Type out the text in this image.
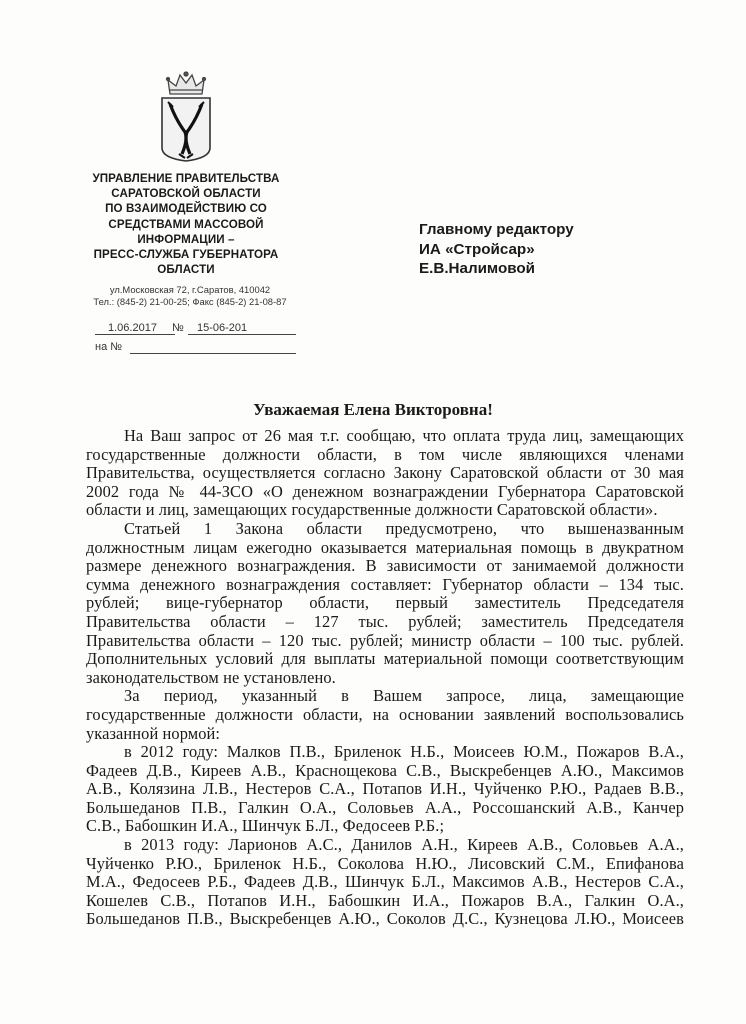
УПРАВЛЕНИЕ ПРАВИТЕЛЬСТВА
САРАТОВСКОЙ ОБЛАСТИ
ПО ВЗАИМОДЕЙСТВИЮ СО
СРЕДСТВАМИ МАССОВОЙ
ИНФОРМАЦИИ –
ПРЕСС-СЛУЖБА ГУБЕРНАТОРА
ОБЛАСТИ
ул.Московская 72, г.Саратов, 410042
Тел.: (845-2) 21-00-25; Факс (845-2) 21-08-87
1.06.2017 № 15-06-201
на №
Главному редактору
ИА «Стройсар»
Е.В.Налимовой
Уважаемая Елена Викторовна!
На Ваш запрос от 26 мая т.г. сообщаю, что оплата труда лиц, замещающих
государственные должности области, в том числе являющихся членами
Правительства, осуществляется согласно Закону Саратовской области от 30 мая
2002 года № 44-ЗСО «О денежном вознаграждении Губернатора Саратовской
области и лиц, замещающих государственные должности Саратовской области».
Статьей 1 Закона области предусмотрено, что вышеназванным
должностным лицам ежегодно оказывается материальная помощь в двукратном
размере денежного вознаграждения. В зависимости от занимаемой должности
сумма денежного вознаграждения составляет: Губернатор области – 134 тыс.
рублей; вице-губернатор области, первый заместитель Председателя
Правительства области – 127 тыс. рублей; заместитель Председателя
Правительства области – 120 тыс. рублей; министр области – 100 тыс. рублей.
Дополнительных условий для выплаты материальной помощи соответствующим
законодательством не установлено.
За период, указанный в Вашем запросе, лица, замещающие
государственные должности области, на основании заявлений воспользовались
указанной нормой:
в 2012 году: Малков П.В., Бриленок Н.Б., Моисеев Ю.М., Пожаров В.А.,
Фадеев Д.В., Киреев А.В., Краснощекова С.В., Выскребенцев А.Ю., Максимов
А.В., Колязина Л.В., Нестеров С.А., Потапов И.Н., Чуйченко Р.Ю., Радаев В.В.,
Большеданов П.В., Галкин О.А., Соловьев А.А., Россошанский А.В., Канчер
С.В., Бабошкин И.А., Шинчук Б.Л., Федосеев Р.Б.;
в 2013 году: Ларионов А.С., Данилов А.Н., Киреев А.В., Соловьев А.А.,
Чуйченко Р.Ю., Бриленок Н.Б., Соколова Н.Ю., Лисовский С.М., Епифанова
М.А., Федосеев Р.Б., Фадеев Д.В., Шинчук Б.Л., Максимов А.В., Нестеров С.А.,
Кошелев С.В., Потапов И.Н., Бабошкин И.А., Пожаров В.А., Галкин О.А.,
Большеданов П.В., Выскребенцев А.Ю., Соколов Д.С., Кузнецова Л.Ю., Моисеев
